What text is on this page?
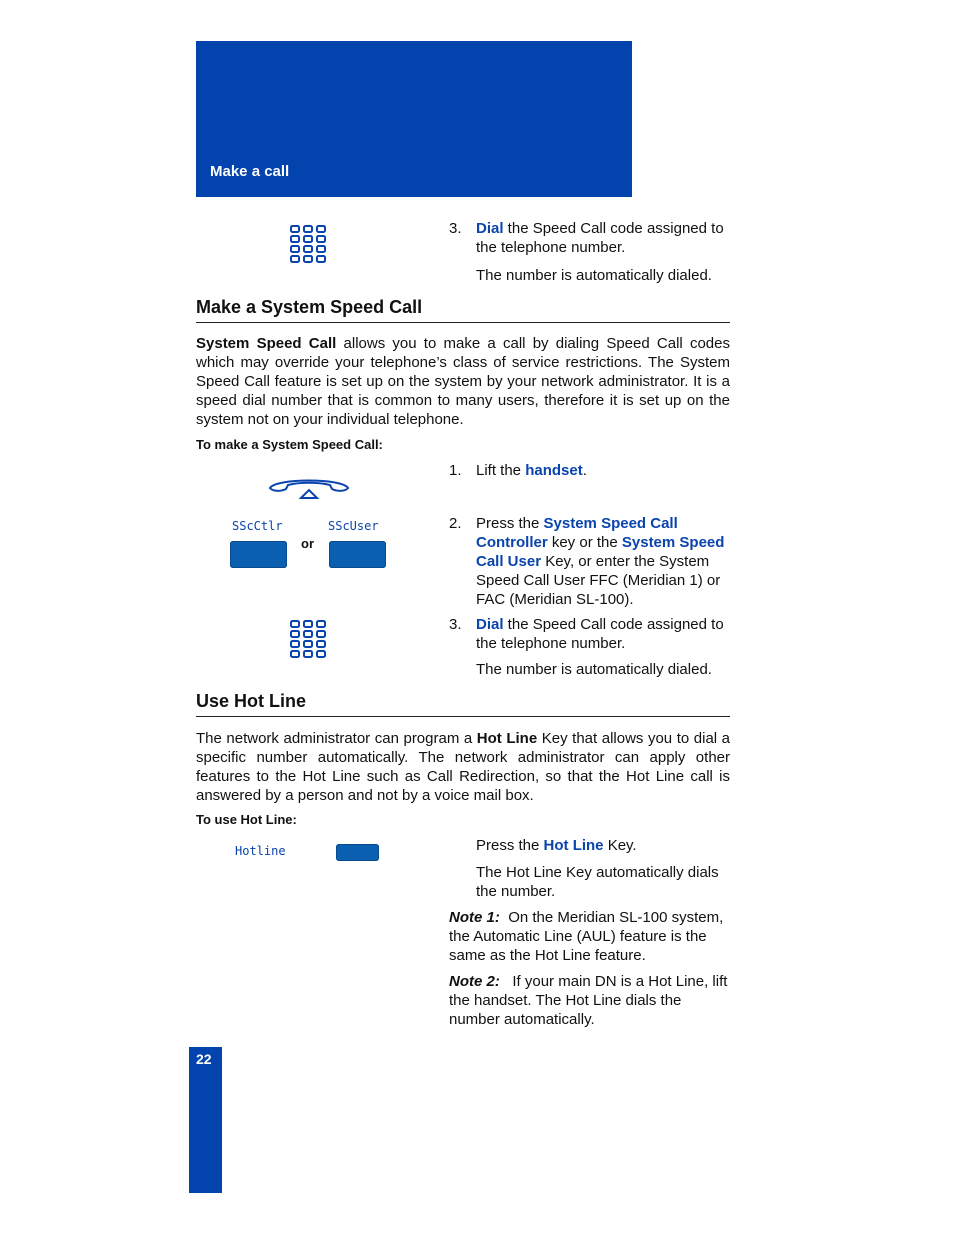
Make a call
3. Dial the Speed Call code assigned to the telephone number.
The number is automatically dialed.
Make a System Speed Call
System Speed Call allows you to make a call by dialing Speed Call codes which may override your telephone’s class of service restrictions. The System Speed Call feature is set up on the system by your network administrator. It is a speed dial number that is common to many users, therefore it is set up on the system not on your individual telephone.
To make a System Speed Call:
1. Lift the handset.
SScCtlr	SScUser
or
2. Press the System Speed Call Controller key or the System Speed Call User Key, or enter the System Speed Call User FFC (Meridian 1) or FAC (Meridian SL-100).
3. Dial the Speed Call code assigned to the telephone number.
The number is automatically dialed.
Use Hot Line
The network administrator can program a Hot Line Key that allows you to dial a specific number automatically. The network administrator can apply other features to the Hot Line such as Call Redirection, so that the Hot Line call is answered by a person and not by a voice mail box.
To use Hot Line:
Hotline	Press the Hot Line Key.
The Hot Line Key automatically dials the number.
Note 1: On the Meridian SL-100 system, the Automatic Line (AUL) feature is the same as the Hot Line feature.
Note 2: If your main DN is a Hot Line, lift the handset. The Hot Line dials the number automatically.
22
